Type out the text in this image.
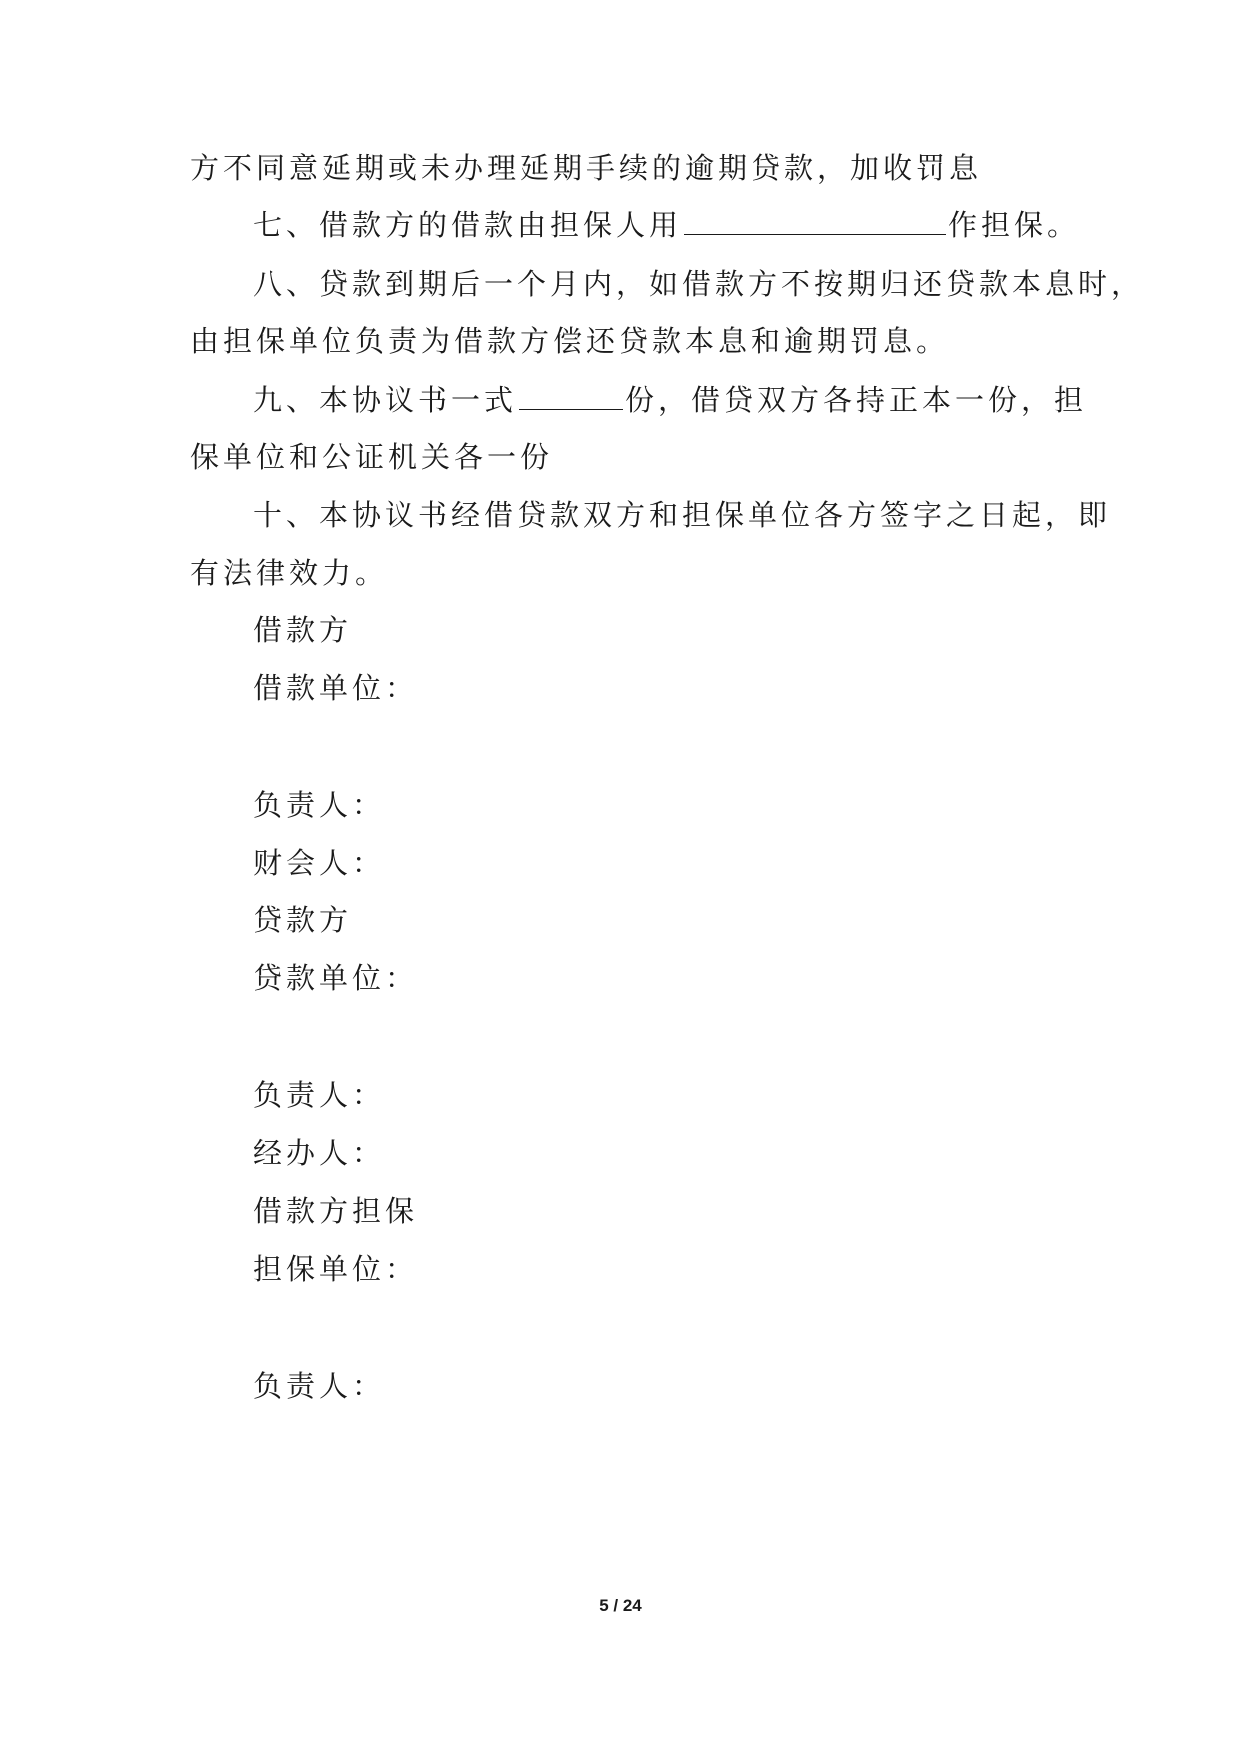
方不同意延期或未办理延期手续的逾期贷款，加收罚息
七、借款方的借款由担保人用	作担保。
八、贷款到期后一个月内，如借款方不按期归还贷款本息时，
由担保单位负责为借款方偿还贷款本息和逾期罚息。
九、本协议书一式	份，借贷双方各持正本一份，担
保单位和公证机关各一份
十、本协议书经借贷款双方和担保单位各方签字之日起，即
有法律效力。
借款方
借款单位：
负责人：
财会人：
贷款方
贷款单位：
负责人：
经办人：
借款方担保
担保单位：
负责人：
5 / 24
